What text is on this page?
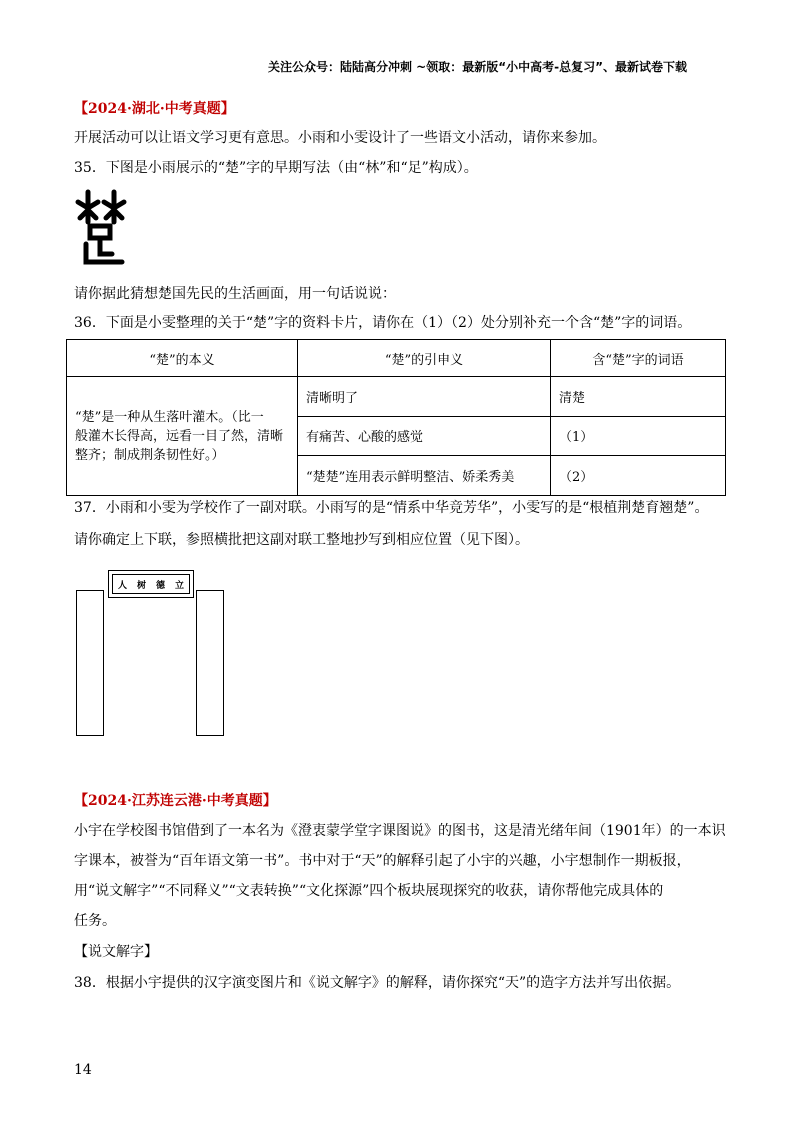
关注公众号：陆陆高分冲刺 ~领取：最新版“小中高考-总复习”、最新试卷下载
【2024·湖北·中考真题】
开展活动可以让语文学习更有意思。小雨和小雯设计了一些语文小活动，请你来参加。
35．下图是小雨展示的“楚”字的早期写法（由“林”和“足”构成）。
请你据此猜想楚国先民的生活画面，用一句话说说：
36．下面是小雯整理的关于“楚”字的资料卡片，请你在（1）（2）处分别补充一个含“楚”字的词语。
“楚”的本义	“楚”的引申义	含“楚”字的词语

“楚”是一种从生落叶灌木。（比一
般灌木长得高，远看一目了然，清晰
整齐；制成荆条韧性好。）	清晰明了	清楚
	有痛苦、心酸的感觉	（1）
	“楚楚”连用表示鲜明整洁、娇柔秀美	（2）
37．小雨和小雯为学校作了一副对联。小雨写的是“情系中华竞芳华”，小雯写的是“根植荆楚育翘楚”。
请你确定上下联，参照横批把这副对联工整地抄写到相应位置（见下图）。
人 树 德 立
【2024·江苏连云港·中考真题】
小宇在学校图书馆借到了一本名为《澄衷蒙学堂字课图说》的图书，这是清光绪年间（1901年）的一本识
字课本，被誉为“百年语文第一书”。书中对于“天”的解释引起了小宇的兴趣，小宇想制作一期板报，
用“说文解字”“不同释义”“文表转换”“文化探源”四个板块展现探究的收获，请你帮他完成具体的
任务。
【说文解字】
38．根据小宇提供的汉字演变图片和《说文解字》的解释，请你探究“天”的造字方法并写出依据。
14
